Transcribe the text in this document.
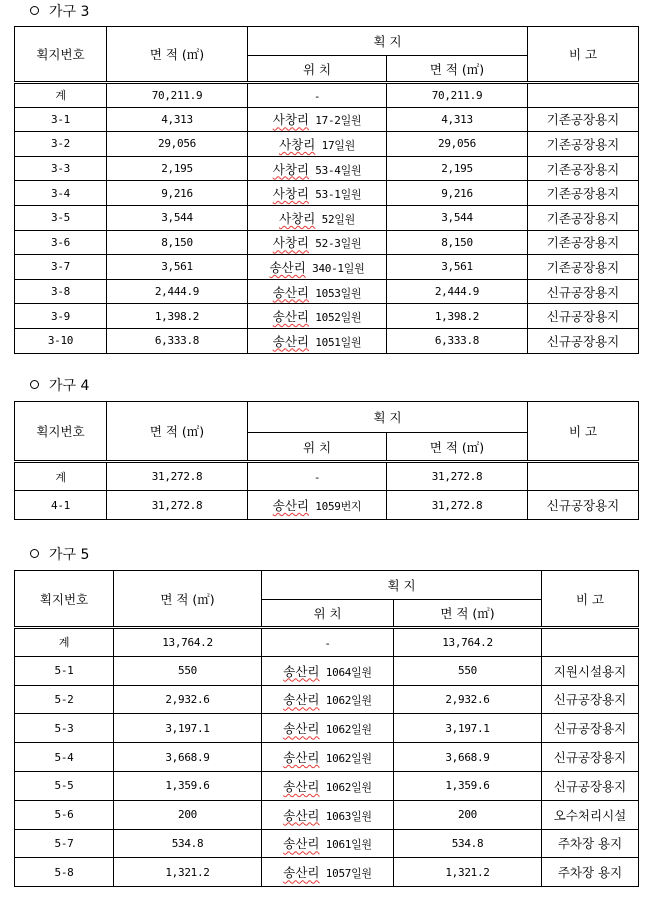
가구 3
획지번호	면 적 (㎡)	획 지		비 고
		위 치	면 적 (㎡)	
계	70,211.9	-	70,211.9	
3-1	4,313	사창리 17-2일원	4,313	기존공장용지
3-2	29,056	사창리 17일원	29,056	기존공장용지
3-3	2,195	사창리 53-4일원	2,195	기존공장용지
3-4	9,216	사창리 53-1일원	9,216	기존공장용지
3-5	3,544	사창리 52일원	3,544	기존공장용지
3-6	8,150	사창리 52-3일원	8,150	기존공장용지
3-7	3,561	송산리 340-1일원	3,561	기존공장용지
3-8	2,444.9	송산리 1053일원	2,444.9	신규공장용지
3-9	1,398.2	송산리 1052일원	1,398.2	신규공장용지
3-10	6,333.8	송산리 1051일원	6,333.8	신규공장용지
가구 4
획지번호	면 적 (㎡)	획 지		비 고
		위 치	면 적 (㎡)	
계	31,272.8	-	31,272.8	
4-1	31,272.8	송산리 1059번지	31,272.8	신규공장용지
가구 5
획지번호	면 적 (㎡)	획 지		비 고
		위 치	면 적 (㎡)	
계	13,764.2	-	13,764.2	
5-1	550	송산리 1064일원	550	지원시설용지
5-2	2,932.6	송산리 1062일원	2,932.6	신규공장용지
5-3	3,197.1	송산리 1062일원	3,197.1	신규공장용지
5-4	3,668.9	송산리 1062일원	3,668.9	신규공장용지
5-5	1,359.6	송산리 1062일원	1,359.6	신규공장용지
5-6	200	송산리 1063일원	200	오수처리시설
5-7	534.8	송산리 1061일원	534.8	주차장 용지
5-8	1,321.2	송산리 1057일원	1,321.2	주차장 용지
